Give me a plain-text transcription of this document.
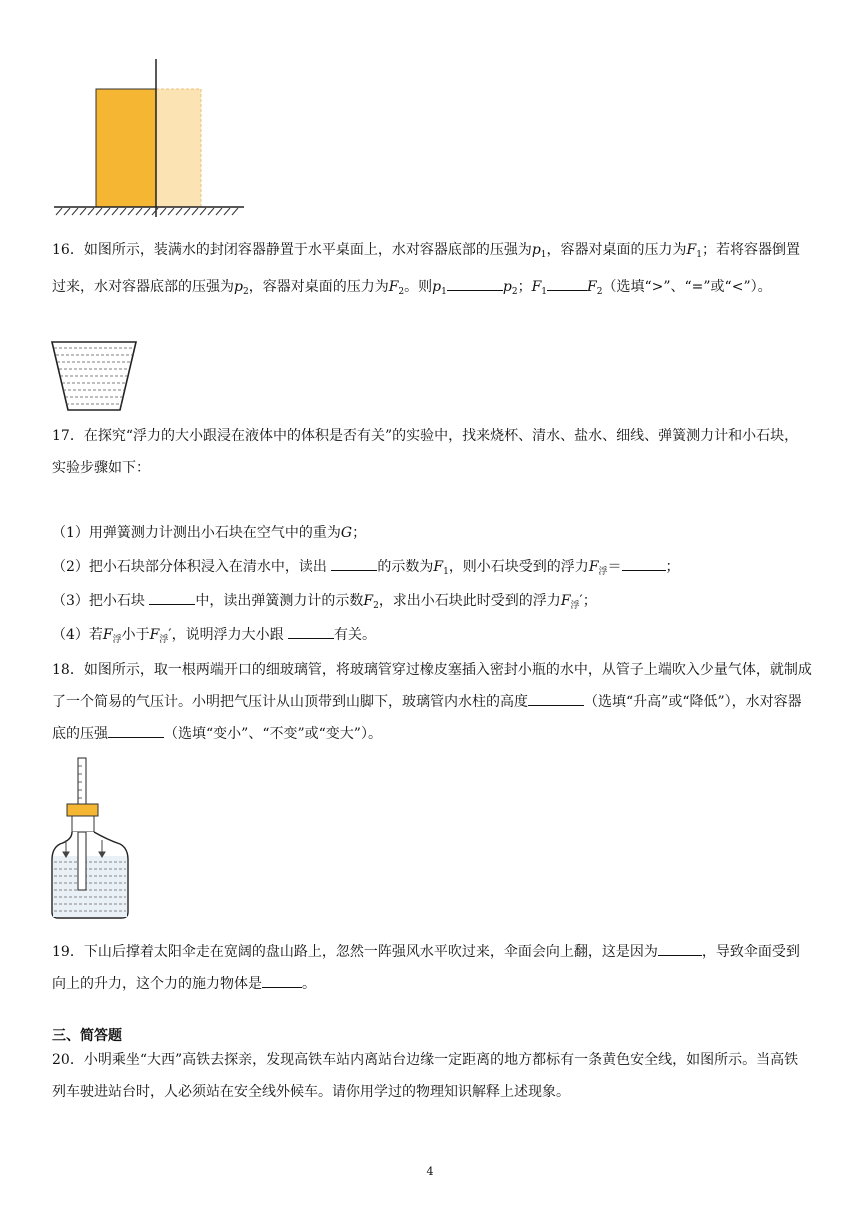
16．如图所示，装满水的封闭容器静置于水平桌面上，水对容器底部的压强为$p_1$，容器对桌面的压力为$F_1$；若将容器倒置过来，水对容器底部的压强为$p_2$，容器对桌面的压力为$F_2$。则$p_1$	$p_2$；$F_1$	$F_2$（选填“>”、“=”或“<”）。

17．在探究“浮力的大小跟浸在液体中的体积是否有关”的实验中，找来烧杯、清水、盐水、细线、弹簧测力计和小石块，实验步骤如下：

（1）用弹簧测力计测出小石块在空气中的重为G；
（2）把小石块部分体积浸入在清水中，读出	的示数为$F_1$，则小石块受到的浮力$F_浮=$	；
（3）把小石块	中，读出弹簧测力计的示数$F_2$，求出小石块此时受到的浮力$F_浮'$；
（4）若$F_浮$小于$F_浮'$，说明浮力大小跟	有关。

18．如图所示，取一根两端开口的细玻璃管，将玻璃管穿过橡皮塞插入密封小瓶的水中，从管子上端吹入少量气体，就制成了一个简易的气压计。小明把气压计从山顶带到山脚下，玻璃管内水柱的高度	（选填“升高”或“降低”），水对容器底的压强	（选填“变小”、“不变”或“变大”）。

19．下山后撑着太阳伞走在宽阔的盘山路上，忽然一阵强风水平吹过来，伞面会向上翻，这是因为	，导致伞面受到向上的升力，这个力的施力物体是	。

三、简答题

20．小明乘坐“大西”高铁去探亲，发现高铁车站内离站台边缘一定距离的地方都标有一条黄色安全线，如图所示。当高铁列车驶进站台时，人必须站在安全线外候车。请你用学过的物理知识解释上述现象。

4
